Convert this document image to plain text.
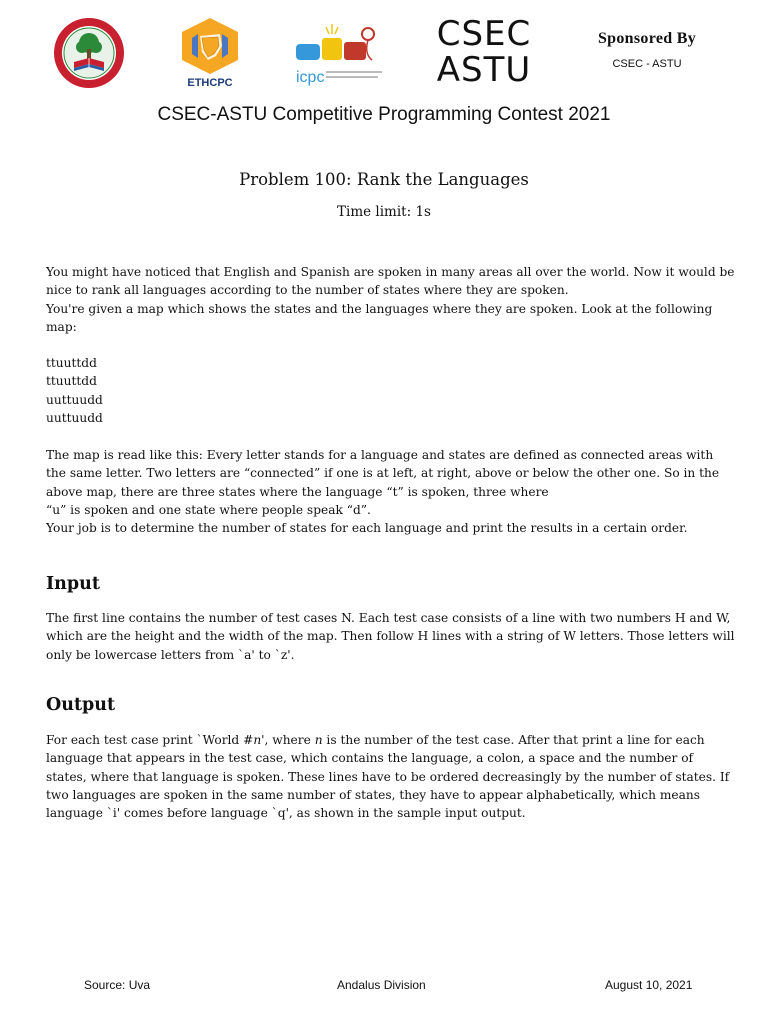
ETHCPC	icpc
CSEC
ASTU
Sponsored By
CSEC - ASTU
CSEC-ASTU Competitive Programming Contest 2021
Problem 100: Rank the Languages
Time limit: 1s

You might have noticed that English and Spanish are spoken in many areas all over the world. Now it would be nice to rank all languages according to the number of states where they are spoken.

You're given a map which shows the states and the languages where they are spoken. Look at the following map:

ttuuttdd
ttuuttdd
uuttuudd
uuttuudd

The map is read like this: Every letter stands for a language and states are defined as connected areas with the same letter. Two letters are “connected” if one is at left, at right, above or below the other one. So in the above map, there are three states where the language “t” is spoken, three where

“u” is spoken and one state where people speak “d”.

Your job is to determine the number of states for each language and print the results in a certain order.

Input

The first line contains the number of test cases N. Each test case consists of a line with two numbers H and W, which are the height and the width of the map. Then follow H lines with a string of W letters. Those letters will only be lowercase letters from `a' to `z'.

Output

For each test case print `World #n', where n is the number of the test case. After that print a line for each language that appears in the test case, which contains the language, a colon, a space and the number of states, where that language is spoken. These lines have to be ordered decreasingly by the number of states. If two languages are spoken in the same number of states, they have to appear alphabetically, which means language `i' comes before language `q', as shown in the sample input output.

Source: Uva	Andalus Division	August 10, 2021
